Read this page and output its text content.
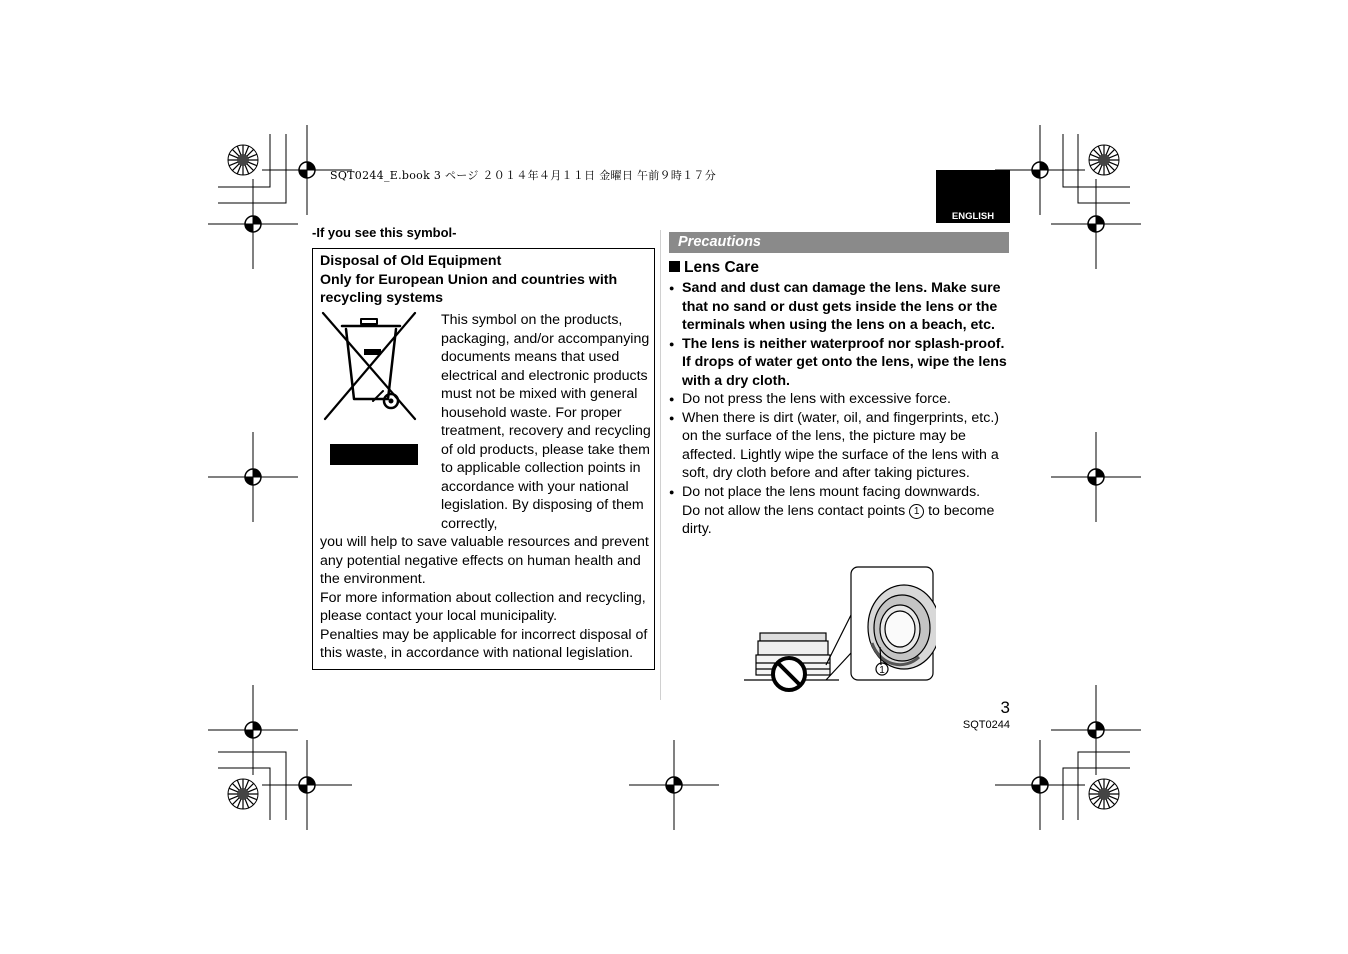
SQT0244_E.book 3 ページ ２０１４年４月１１日 金曜日 午前９時１７分
ENGLISH
-If you see this symbol-
Disposal of Old Equipment
Only for European Union and countries with
recycling systems
This symbol on the products, packaging, and/or accompanying documents means that used electrical and electronic products must not be mixed with general household waste. For proper treatment, recovery and recycling of old products, please take them to applicable collection points in accordance with your national legislation. By disposing of them correctly,
you will help to save valuable resources and prevent any potential negative effects on human health and the environment.
For more information about collection and recycling, please contact your local municipality.
Penalties may be applicable for incorrect disposal of this waste, in accordance with national legislation.
Precautions
Lens Care
● Sand and dust can damage the lens. Make sure that no sand or dust gets inside the lens or the terminals when using the lens on a beach, etc.
● The lens is neither waterproof nor splash-proof. If drops of water get onto the lens, wipe the lens with a dry cloth.
● Do not press the lens with excessive force.
● When there is dirt (water, oil, and fingerprints, etc.) on the surface of the lens, the picture may be affected. Lightly wipe the surface of the lens with a soft, dry cloth before and after taking pictures.
● Do not place the lens mount facing downwards.
Do not allow the lens contact points 1 to become dirty.
1
3
SQT0244
